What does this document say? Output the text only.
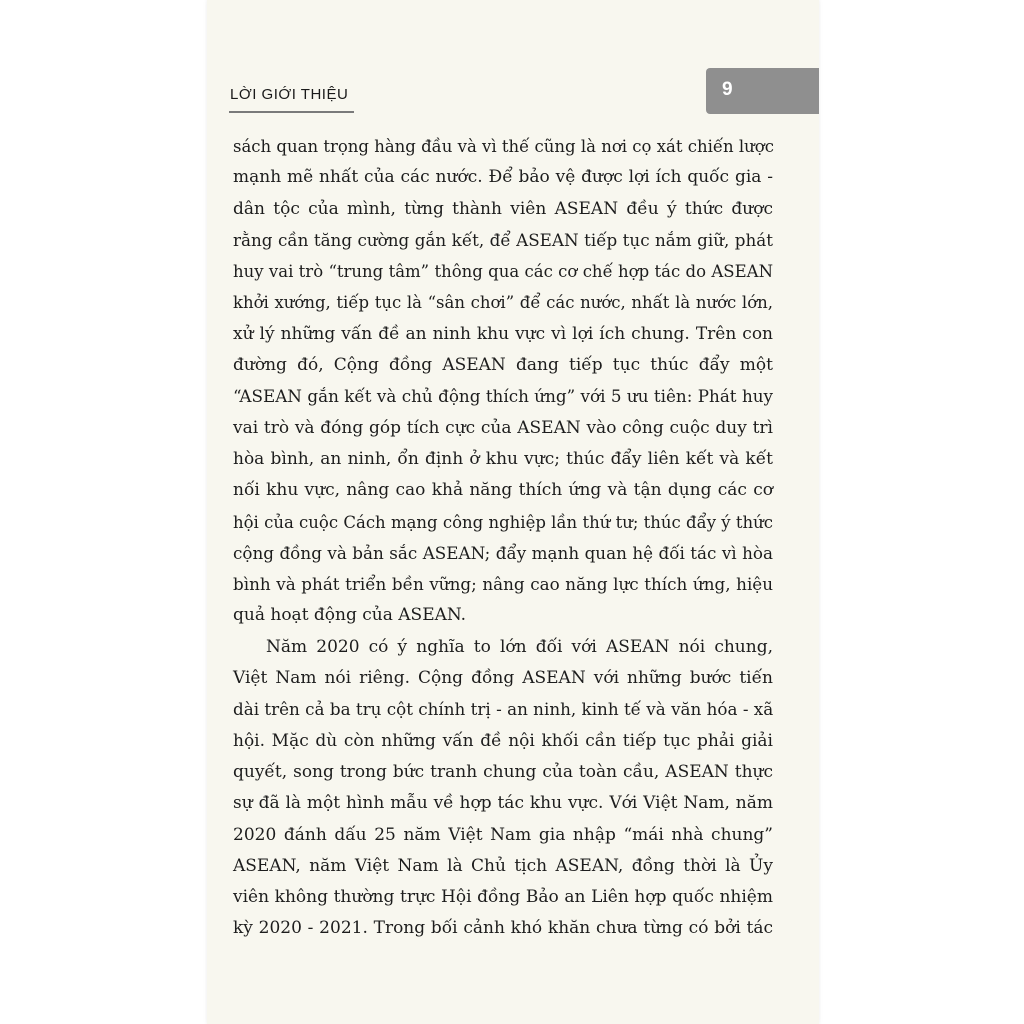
LỜI GIỚI THIỆU	9
sách quan trọng hàng đầu và vì thế cũng là nơi cọ xát chiến lược
mạnh mẽ nhất của các nước. Để bảo vệ được lợi ích quốc gia -
dân tộc của mình, từng thành viên ASEAN đều ý thức được
rằng cần tăng cường gắn kết, để ASEAN tiếp tục nắm giữ, phát
huy vai trò “trung tâm” thông qua các cơ chế hợp tác do ASEAN
khởi xướng, tiếp tục là “sân chơi” để các nước, nhất là nước lớn,
xử lý những vấn đề an ninh khu vực vì lợi ích chung. Trên con
đường đó, Cộng đồng ASEAN đang tiếp tục thúc đẩy một
“ASEAN gắn kết và chủ động thích ứng” với 5 ưu tiên: Phát huy
vai trò và đóng góp tích cực của ASEAN vào công cuộc duy trì
hòa bình, an ninh, ổn định ở khu vực; thúc đẩy liên kết và kết
nối khu vực, nâng cao khả năng thích ứng và tận dụng các cơ
hội của cuộc Cách mạng công nghiệp lần thứ tư; thúc đẩy ý thức
cộng đồng và bản sắc ASEAN; đẩy mạnh quan hệ đối tác vì hòa
bình và phát triển bền vững; nâng cao năng lực thích ứng, hiệu
quả hoạt động của ASEAN.
Năm 2020 có ý nghĩa to lớn đối với ASEAN nói chung,
Việt Nam nói riêng. Cộng đồng ASEAN với những bước tiến
dài trên cả ba trụ cột chính trị - an ninh, kinh tế và văn hóa - xã
hội. Mặc dù còn những vấn đề nội khối cần tiếp tục phải giải
quyết, song trong bức tranh chung của toàn cầu, ASEAN thực
sự đã là một hình mẫu về hợp tác khu vực. Với Việt Nam, năm
2020 đánh dấu 25 năm Việt Nam gia nhập “mái nhà chung”
ASEAN, năm Việt Nam là Chủ tịch ASEAN, đồng thời là Ủy
viên không thường trực Hội đồng Bảo an Liên hợp quốc nhiệm
kỳ 2020 - 2021. Trong bối cảnh khó khăn chưa từng có bởi tác
